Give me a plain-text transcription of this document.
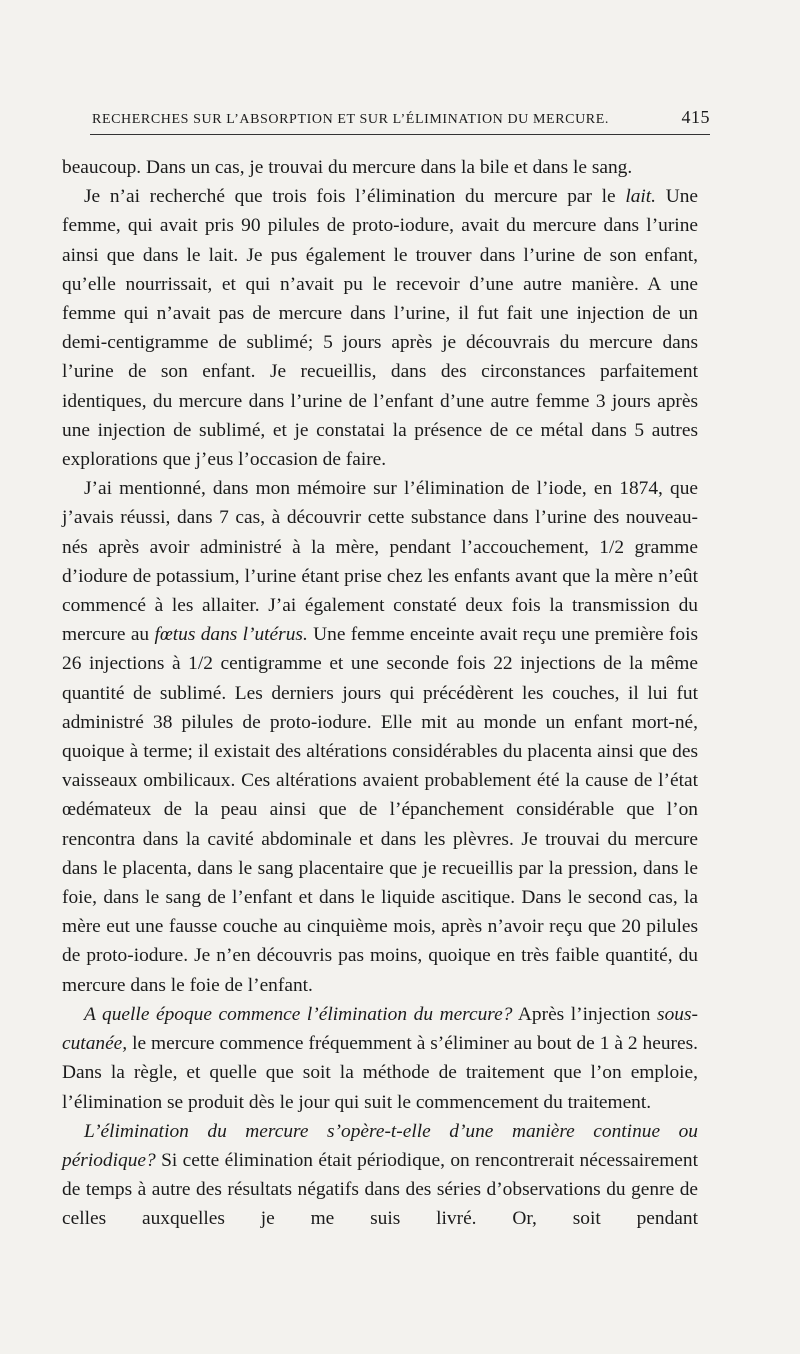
RECHERCHES SUR L’ABSORPTION ET SUR L’ÉLIMINATION DU MERCURE.	415

beaucoup. Dans un cas, je trouvai du mercure dans la bile et dans le sang.

Je n’ai recherché que trois fois l’élimination du mercure par le lait. Une femme, qui avait pris 90 pilules de proto-iodure, avait du mercure dans l’urine ainsi que dans le lait. Je pus également le trouver dans l’urine de son enfant, qu’elle nourrissait, et qui n’avait pu le recevoir d’une autre manière. A une femme qui n’avait pas de mercure dans l’urine, il fut fait une injection de un demi-centigramme de sublimé; 5 jours après je découvrais du mercure dans l’urine de son enfant. Je recueillis, dans des circonstances parfaitement identiques, du mercure dans l’urine de l’enfant d’une autre femme 3 jours après une injection de sublimé, et je constatai la présence de ce métal dans 5 autres explorations que j’eus l’occasion de faire.

J’ai mentionné, dans mon mémoire sur l’élimination de l’iode, en 1874, que j’avais réussi, dans 7 cas, à découvrir cette substance dans l’urine des nouveau-nés après avoir administré à la mère, pendant l’accouchement, 1/2 gramme d’iodure de potassium, l’urine étant prise chez les enfants avant que la mère n’eût commencé à les allaiter. J’ai également constaté deux fois la transmission du mercure au fœtus dans l’utérus. Une femme enceinte avait reçu une première fois 26 injections à 1/2 centigramme et une seconde fois 22 injections de la même quantité de sublimé. Les derniers jours qui précédèrent les couches, il lui fut administré 38 pilules de proto-iodure. Elle mit au monde un enfant mort-né, quoique à terme; il existait des altérations considérables du placenta ainsi que des vaisseaux ombilicaux. Ces altérations avaient probablement été la cause de l’état œdémateux de la peau ainsi que de l’épanchement considérable que l’on rencontra dans la cavité abdominale et dans les plèvres. Je trouvai du mercure dans le placenta, dans le sang placentaire que je recueillis par la pression, dans le foie, dans le sang de l’enfant et dans le liquide ascitique. Dans le second cas, la mère eut une fausse couche au cinquième mois, après n’avoir reçu que 20 pilules de proto-iodure. Je n’en découvris pas moins, quoique en très faible quantité, du mercure dans le foie de l’enfant.

A quelle époque commence l’élimination du mercure? Après l’injection sous-cutanée, le mercure commence fréquemment à s’éliminer au bout de 1 à 2 heures. Dans la règle, et quelle que soit la méthode de traitement que l’on emploie, l’élimination se produit dès le jour qui suit le commencement du traitement.

L’élimination du mercure s’opère-t-elle d’une manière continue ou périodique? Si cette élimination était périodique, on rencontrerait nécessairement de temps à autre des résultats négatifs dans des séries d’observations du genre de celles auxquelles je me suis livré. Or, soit pendant
